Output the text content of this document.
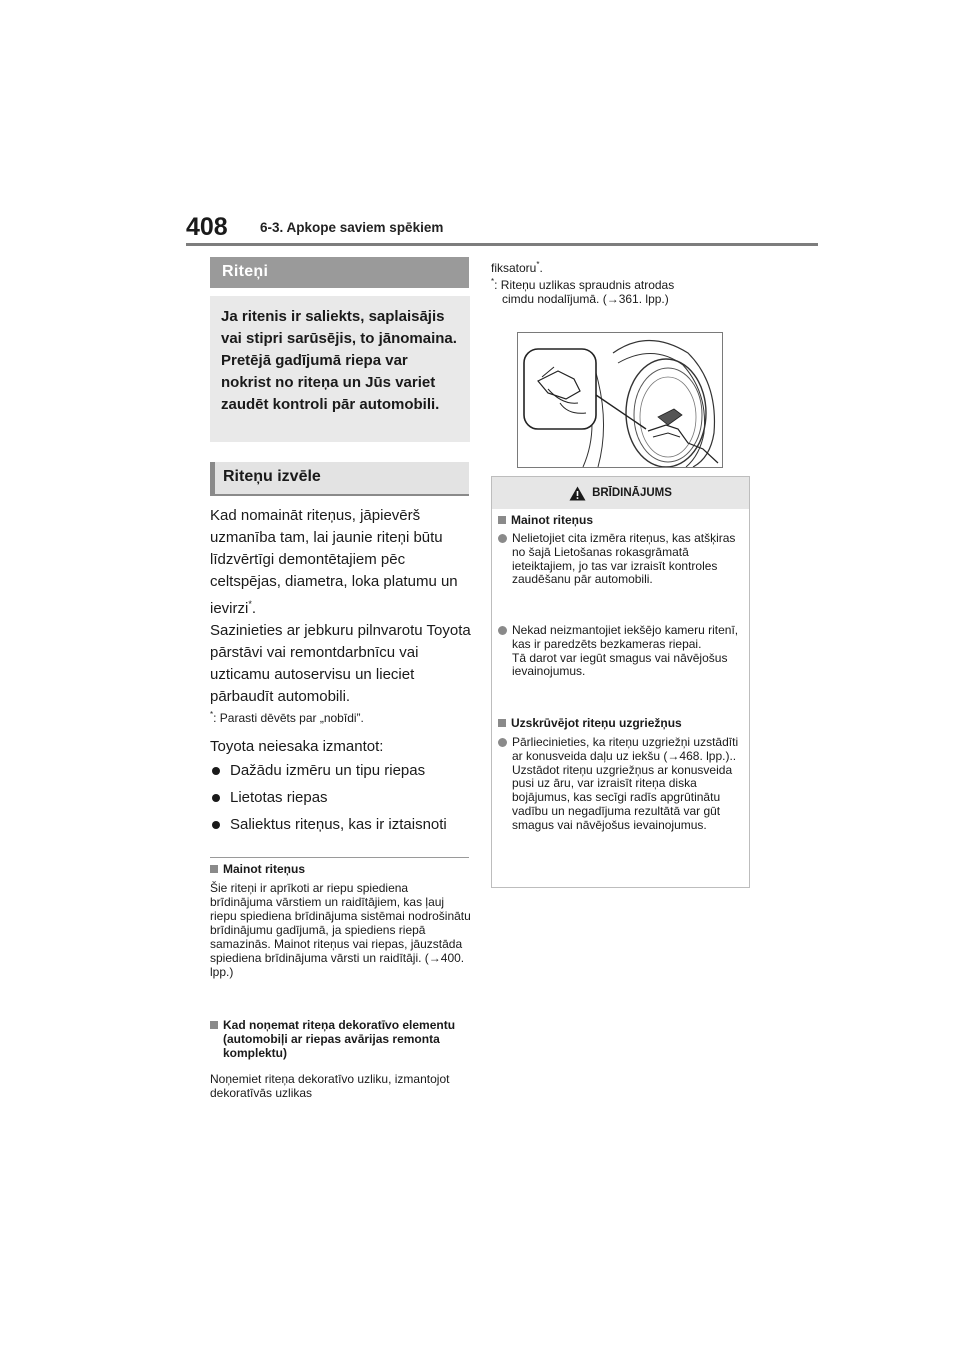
408 6-3. Apkope saviem spēkiem
Riteņi
Ja ritenis ir saliekts, saplaisājis vai stipri sarūsējis, to jānomaina. Pretējā gadījumā riepa var nokrist no riteņa un Jūs variet zaudēt kontroli pār automobili.
Riteņu izvēle
Kad nomaināt riteņus, jāpievērš uzmanība tam, lai jaunie riteņi būtu līdzvērtīgi demontētajiem pēc celtspējas, diametra, loka platumu un ievirzi*.
Sazinieties ar jebkuru pilnvarotu Toyota pārstāvi vai remontdarbnīcu vai uzticamu autoservisu un lieciet pārbaudīt automobili.
*: Parasti dēvēts par „nobīdi”.
Toyota neiesaka izmantot:
Dažādu izmēru un tipu riepas
Lietotas riepas
Saliektus riteņus, kas ir iztaisnoti
Mainot riteņus
Šie riteņi ir aprīkoti ar riepu spiediena brīdinājuma vārstiem un raidītājiem, kas ļauj riepu spiediena brīdinājuma sistēmai nodrošinātu brīdinājumu gadījumā, ja spiediens riepā samazinās. Mainot riteņus vai riepas, jāuzstāda spiediena brīdinājuma vārsti un raidītāji. (→400. lpp.)
Kad noņemat riteņa dekoratīvo elementu (automobiļi ar riepas avārijas remonta komplektu)
Noņemiet riteņa dekoratīvo uzliku, izmantojot dekoratīvās uzlikas
fiksatoru*.
*: Riteņu uzlikas spraudnis atrodas
cimdu nodalījumā. (→361. lpp.)
BRĪDINĀJUMS
Mainot riteņus
Nelietojiet cita izmēra riteņus, kas atšķiras no šajā Lietošanas rokasgrāmatā ieteiktajiem, jo tas var izraisīt kontroles zaudēšanu pār automobili.
Nekad neizmantojiet iekšējo kameru ritenī, kas ir paredzēts bezkameras riepai.
Tā darot var iegūt smagus vai nāvējošus ievainojumus.
Uzskrūvējot riteņu uzgriežņus
Pārliecinieties, ka riteņu uzgriežņi uzstādīti ar konusveida daļu uz iekšu (→468. lpp.).. Uzstādot riteņu uzgriežņus ar konusveida pusi uz āru, var izraisīt riteņa diska bojājumus, kas secīgi radīs apgrūtinātu vadību un negadījuma rezultātā var gūt smagus vai nāvējošus ievainojumus.
